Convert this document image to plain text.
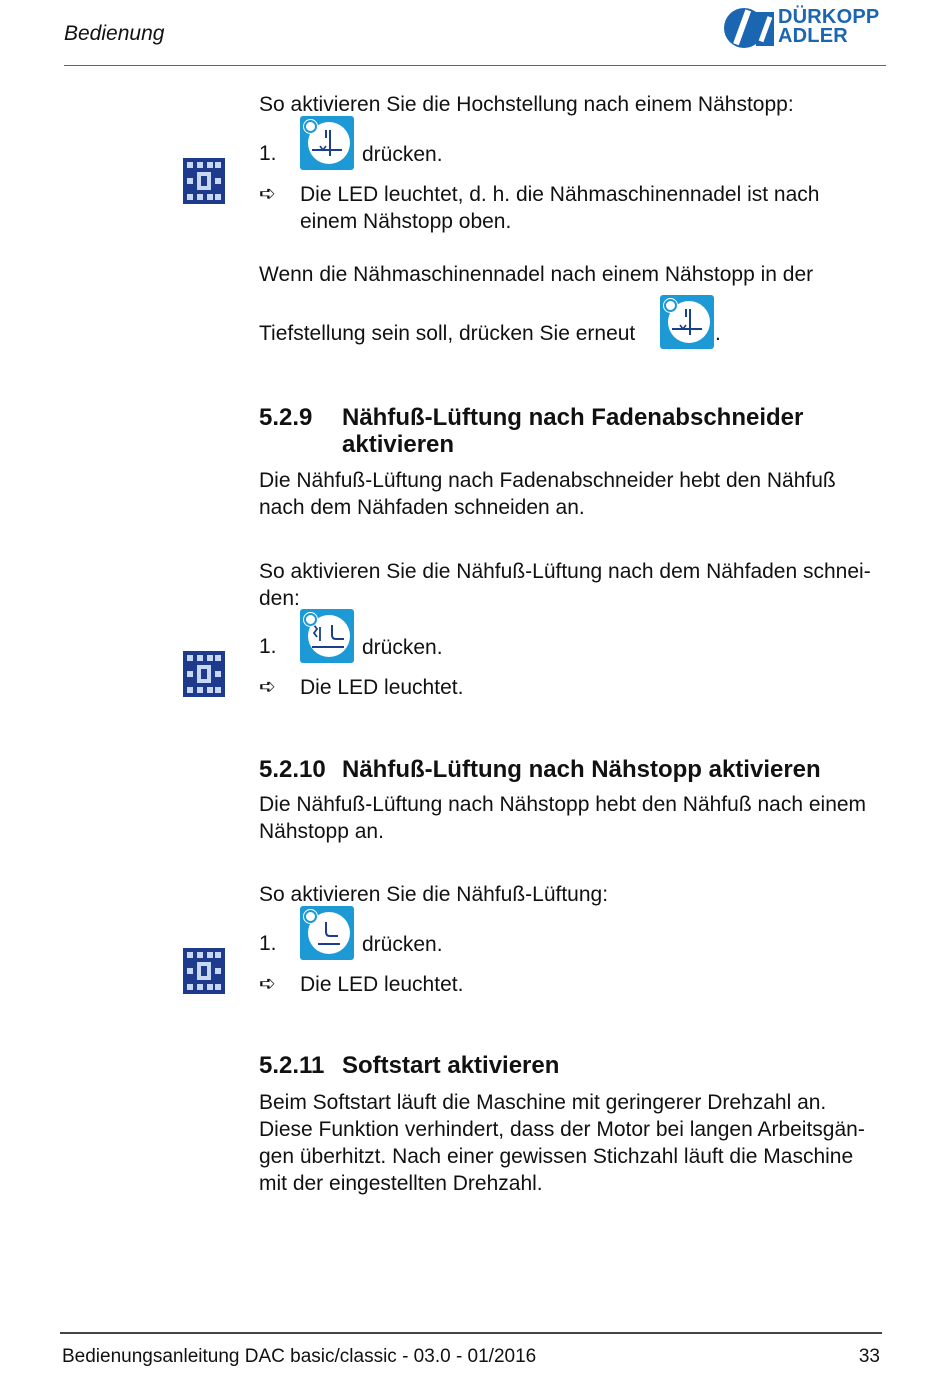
Bedienung
DÜRKOPP
ADLER
So aktivieren Sie die Hochstellung nach einem Nähstopp:
1.	drücken.
➪ Die LED leuchtet, d. h. die Nähmaschinennadel ist nach
einem Nähstopp oben.
Wenn die Nähmaschinennadel nach einem Nähstopp in der
Tiefstellung sein soll, drücken Sie erneut	.
5.2.9 Nähfuß-Lüftung nach Fadenabschneider
aktivieren
Die Nähfuß-Lüftung nach Fadenabschneider hebt den Nähfuß
nach dem Nähfaden schneiden an.
So aktivieren Sie die Nähfuß-Lüftung nach dem Nähfaden schnei-
den:
1.	drücken.
➪ Die LED leuchtet.
5.2.10 Nähfuß-Lüftung nach Nähstopp aktivieren
Die Nähfuß-Lüftung nach Nähstopp hebt den Nähfuß nach einem
Nähstopp an.
So aktivieren Sie die Nähfuß-Lüftung:
1.	drücken.
➪ Die LED leuchtet.
5.2.11 Softstart aktivieren
Beim Softstart läuft die Maschine mit geringerer Drehzahl an.
Diese Funktion verhindert, dass der Motor bei langen Arbeitsgän-
gen überhitzt. Nach einer gewissen Stichzahl läuft die Maschine
mit der eingestellten Drehzahl.
Bedienungsanleitung DAC basic/classic - 03.0 - 01/2016	33
